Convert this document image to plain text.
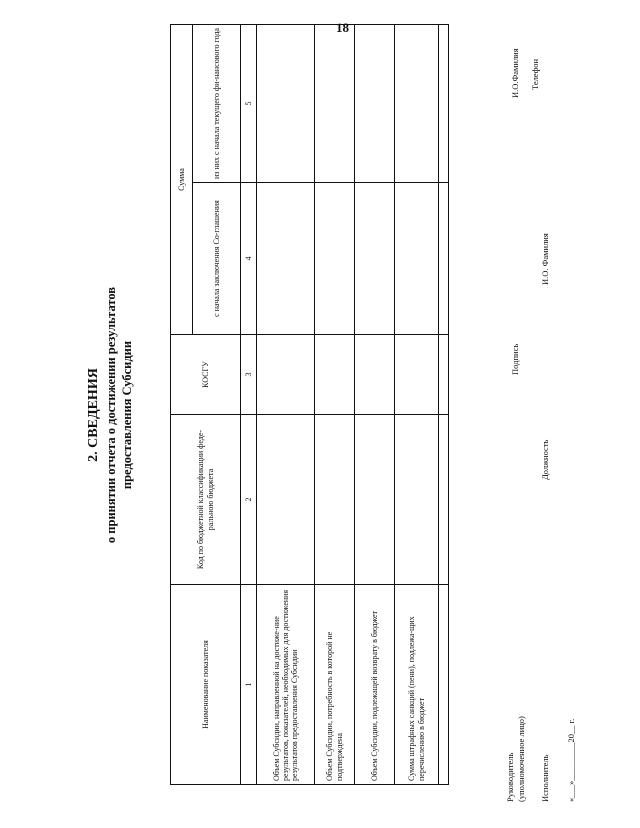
18
2. СВЕДЕНИЯ о принятии отчета о достижении результатов предоставления Субсидии
Наименование показателя	Код по бюджетной классификации феде-ральною бюджета	КОСГУ	Сумма	
			с начала заключения Со-глашения	из них с начала текущего фи-нансового года
1	2	3	4	5
Объем Субсидии, направленной на достиже-ние результатов, показателей, необходимых для достижения результатов предоставления Субсидии				
Объем Субсидии, потребность в которой не подтверждена				
Объем Субсидии, подлежащей возврату в бюджет				
Сумма штрафных санкций (пени), подлежа-щих перечислению в бюджет				
					Руководитель (уполномоченное лицо)
Подпись
И.О.Фамилия
Исполнитель
Должность
И.О. Фамилия
Телефон
«___»_________20__ г.
